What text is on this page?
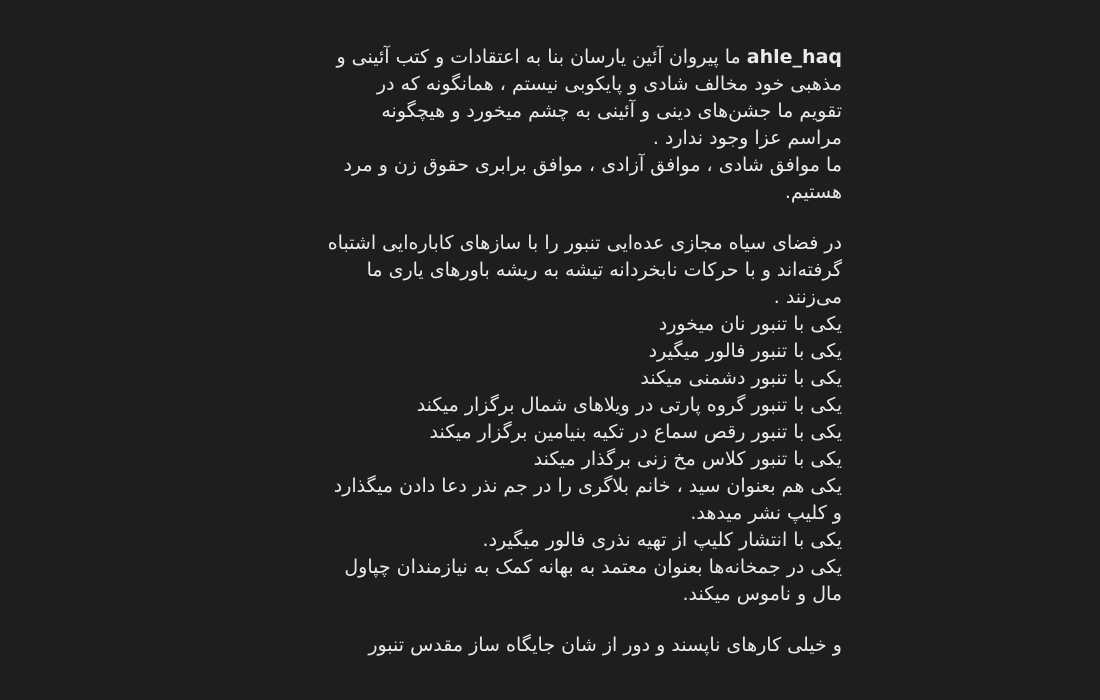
ahle_haq ما پیروان آئین یارسان بنا به اعتقادات و کتب آئینی و
مذهبی خود مخالف شادی و پایکوبی نیستم ، همانگونه که در
تقویم ما جشن‌های دینی و آئینی به چشم میخورد و هیچگونه
مراسم عزا وجود ندارد .
ما موافق شادی ، موافق آزادی ، موافق برابری حقوق زن و مرد
هستیم.
در فضای سیاه مجازی عده‌ایی تنبور را با سازهای کاباره‌ایی اشتباه
گرفته‌اند و با حرکات نابخردانه تیشه به ریشه باورهای یاری ما
می‌زنند .
یکی با تنبور نان میخورد
یکی با تنبور فالور میگیرد
یکی با تنبور دشمنی میکند
یکی با تنبور گروه پارتی در ویلاهای شمال برگزار میکند
یکی با تنبور رقص سماع در تکیه بنیامین برگزار میکند
یکی با تنبور کلاس مخ زنی برگذار میکند
یکی هم بعنوان سید ، خانم بلاگری را در جم نذر دعا دادن میگذارد
و کلیپ نشر میدهد.
یکی با انتشار کلیپ از تهیه نذری فالور میگیرد.
یکی در جمخانه‌ها بعنوان معتمد به بهانه کمک به نیازمندان چپاول
مال و ناموس میکند.
و خیلی کارهای ناپسند و دور از شان جایگاه ساز مقدس تنبور
